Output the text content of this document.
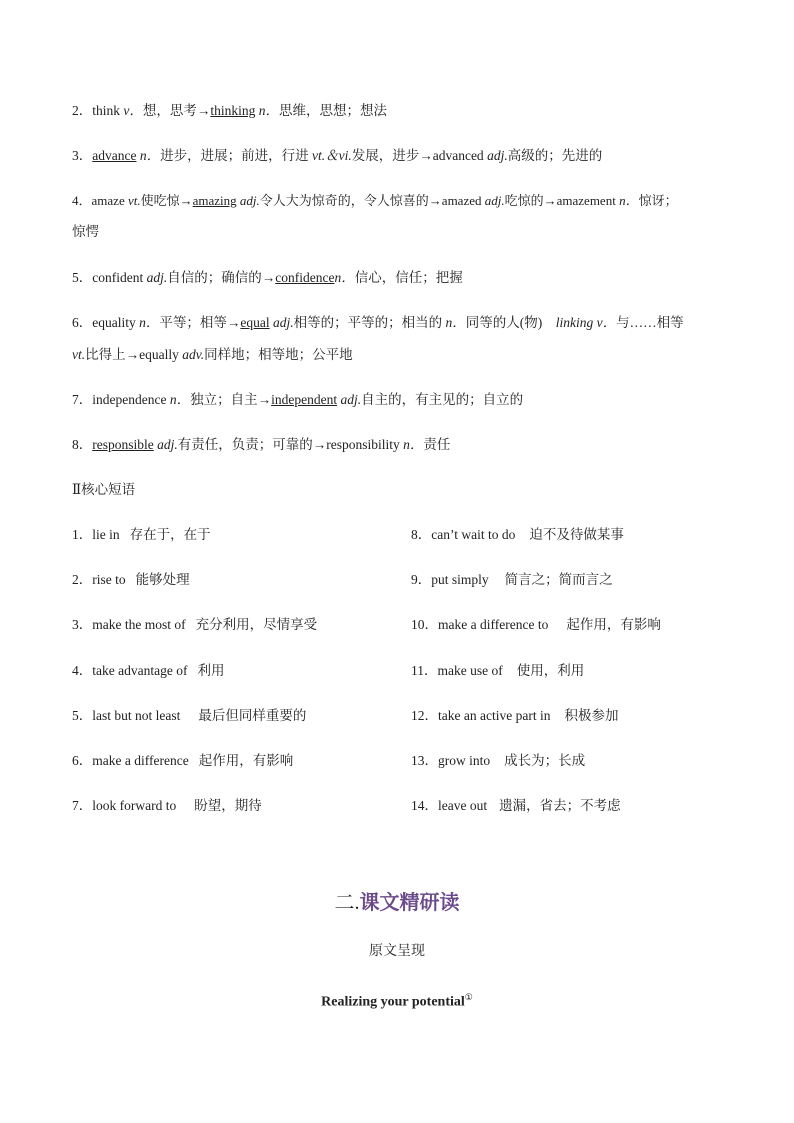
2．think v．想，思考→thinking n．思维，思想；想法
3．advance n．进步，进展；前进，行进 vt.＆vi.发展，进步→advanced adj.高级的；先进的
4．amaze vt.使吃惊→amazing adj.令人大为惊奇的，令人惊喜的→amazed adj.吃惊的→amazement n．惊讶；
惊愕
5．confident adj.自信的；确信的→confidencen．信心，信任；把握
6．equality n．平等；相等→equal adj.相等的；平等的；相当的 n．同等的人(物)　linking v．与……相等
vt.比得上→equally adv.同样地；相等地；公平地
7．independence n．独立；自主→independent adj.自主的，有主见的；自立的
8．responsible adj.有责任，负责；可靠的→responsibility n．责任
Ⅱ核心短语
1．lie in 存在于，在于
2．rise to 能够处理
3．make the most of 充分利用，尽情享受
4．take advantage of 利用
5．last but not least 最后但同样重要的
6．make a difference 起作用，有影响
7．look forward to 盼望，期待
8．can’t wait to do 迫不及待做某事
9．put simply 简言之；简而言之
10．make a difference to 起作用，有影响
11．make use of 使用，利用
12．take an active part in 积极参加
13．grow into 成长为；长成
14．leave out 遗漏，省去；不考虑
二.课文精研读
原文呈现
Realizing your potential①
